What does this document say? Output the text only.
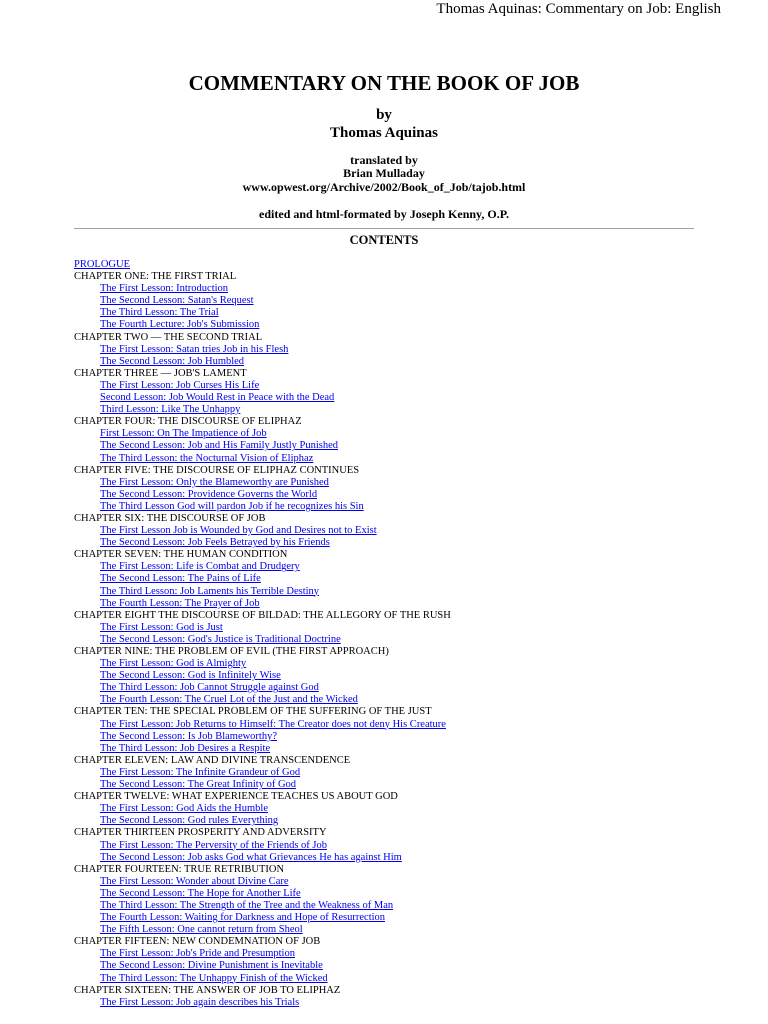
Thomas Aquinas: Commentary on Job: English
COMMENTARY ON THE BOOK OF JOB
by
Thomas Aquinas
translated by
Brian Mulladay
www.opwest.org/Archive/2002/Book_of_Job/tajob.html
edited and html-formated by Joseph Kenny, O.P.
CONTENTS
PROLOGUE
CHAPTER ONE: THE FIRST TRIAL
The First Lesson: Introduction
The Second Lesson: Satan's Request
The Third Lesson: The Trial
The Fourth Lecture: Job's Submission
CHAPTER TWO — THE SECOND TRIAL
The First Lesson: Satan tries Job in his Flesh
The Second Lesson: Job Humbled
CHAPTER THREE — JOB'S LAMENT
The First Lesson: Job Curses His Life
Second Lesson: Job Would Rest in Peace with the Dead
Third Lesson: Like The Unhappy
CHAPTER FOUR: THE DISCOURSE OF ELIPHAZ
First Lesson: On The Impatience of Job
The Second Lesson: Job and His Family Justly Punished
The Third Lesson: the Nocturnal Vision of Eliphaz
CHAPTER FIVE: THE DISCOURSE OF ELIPHAZ CONTINUES
The First Lesson: Only the Blameworthy are Punished
The Second Lesson: Providence Governs the World
The Third Lesson God will pardon Job if he recognizes his Sin
CHAPTER SIX: THE DISCOURSE OF JOB
The First Lesson Job is Wounded by God and Desires not to Exist
The Second Lesson: Job Feels Betrayed by his Friends
CHAPTER SEVEN: THE HUMAN CONDITION
The First Lesson: Life is Combat and Drudgery
The Second Lesson: The Pains of Life
The Third Lesson: Job Laments his Terrible Destiny
The Fourth Lesson: The Prayer of Job
CHAPTER EIGHT THE DISCOURSE OF BILDAD: THE ALLEGORY OF THE RUSH
The First Lesson: God is Just
The Second Lesson: God's Justice is Traditional Doctrine
CHAPTER NINE: THE PROBLEM OF EVIL (THE FIRST APPROACH)
The First Lesson: God is Almighty
The Second Lesson: God is Infinitely Wise
The Third Lesson: Job Cannot Struggle against God
The Fourth Lesson: The Cruel Lot of the Just and the Wicked
CHAPTER TEN: THE SPECIAL PROBLEM OF THE SUFFERING OF THE JUST
The First Lesson: Job Returns to Himself: The Creator does not deny His Creature
The Second Lesson: Is Job Blameworthy?
The Third Lesson: Job Desires a Respite
CHAPTER ELEVEN: LAW AND DIVINE TRANSCENDENCE
The First Lesson: The Infinite Grandeur of God
The Second Lesson: The Great Infinity of God
CHAPTER TWELVE: WHAT EXPERIENCE TEACHES US ABOUT GOD
The First Lesson: God Aids the Humble
The Second Lesson: God rules Everything
CHAPTER THIRTEEN PROSPERITY AND ADVERSITY
The First Lesson: The Perversity of the Friends of Job
The Second Lesson: Job asks God what Grievances He has against Him
CHAPTER FOURTEEN: TRUE RETRIBUTION
The First Lesson: Wonder about Divine Care
The Second Lesson: The Hope for Another Life
The Third Lesson: The Strength of the Tree and the Weakness of Man
The Fourth Lesson: Waiting for Darkness and Hope of Resurrection
The Fifth Lesson: One cannot return from Sheol
CHAPTER FIFTEEN: NEW CONDEMNATION OF JOB
The First Lesson: Job's Pride and Presumption
The Second Lesson: Divine Punishment is Inevitable
The Third Lesson: The Unhappy Finish of the Wicked
CHAPTER SIXTEEN: THE ANSWER OF JOB TO ELIPHAZ
The First Lesson: Job again describes his Trials
